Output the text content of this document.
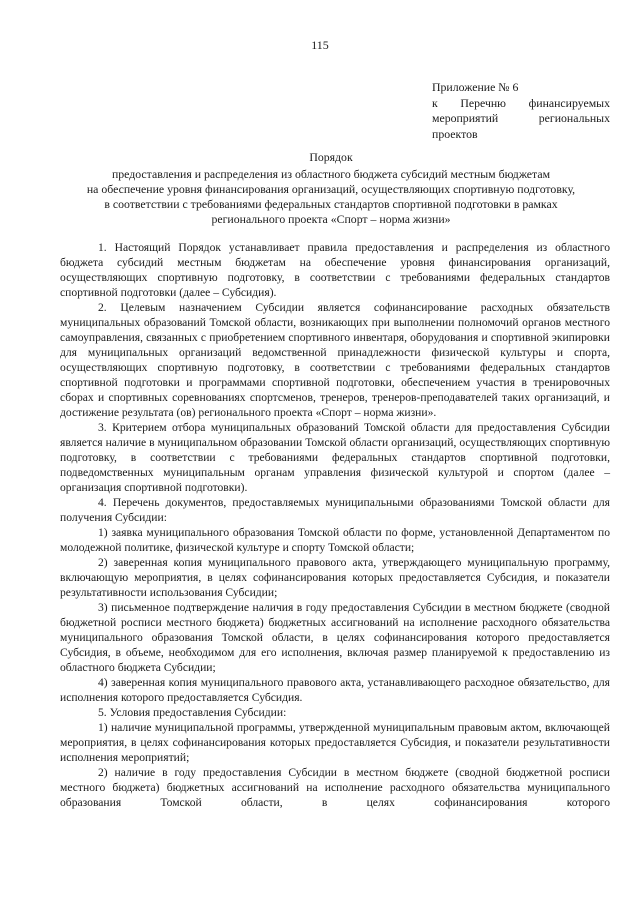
115
Приложение № 6
к Перечню финансируемых
мероприятий региональных
проектов
Порядок
предоставления и распределения из областного бюджета субсидий местным бюджетам
на обеспечение уровня финансирования организаций, осуществляющих спортивную подготовку,
в соответствии с требованиями федеральных стандартов спортивной подготовки в рамках
регионального проекта «Спорт – норма жизни»

1. Настоящий Порядок устанавливает правила предоставления и распределения из областного бюджета субсидий местным бюджетам на обеспечение уровня финансирования организаций, осуществляющих спортивную подготовку, в соответствии с требованиями федеральных стандартов спортивной подготовки (далее – Субсидия).

2. Целевым назначением Субсидии является софинансирование расходных обязательств муниципальных образований Томской области, возникающих при выполнении полномочий органов местного самоуправления, связанных с приобретением спортивного инвентаря, оборудования и спортивной экипировки для муниципальных организаций ведомственной принадлежности физической культуры и спорта, осуществляющих спортивную подготовку, в соответствии с требованиями федеральных стандартов спортивной подготовки и программами спортивной подготовки, обеспечением участия в тренировочных сборах и спортивных соревнованиях спортсменов, тренеров, тренеров-преподавателей таких организаций, и достижение результата (ов) регионального проекта «Спорт – норма жизни».

3. Критерием отбора муниципальных образований Томской области для предоставления Субсидии является наличие в муниципальном образовании Томской области организаций, осуществляющих спортивную подготовку, в соответствии с требованиями федеральных стандартов спортивной подготовки, подведомственных муниципальным органам управления физической культурой и спортом (далее – организация спортивной подготовки).

4. Перечень документов, предоставляемых муниципальными образованиями Томской области для получения Субсидии:

1) заявка муниципального образования Томской области по форме, установленной Департаментом по молодежной политике, физической культуре и спорту Томской области;

2) заверенная копия муниципального правового акта, утверждающего муниципальную программу, включающую мероприятия, в целях софинансирования которых предоставляется Субсидия, и показатели результативности использования Субсидии;

3) письменное подтверждение наличия в году предоставления Субсидии в местном бюджете (сводной бюджетной росписи местного бюджета) бюджетных ассигнований на исполнение расходного обязательства муниципального образования Томской области, в целях софинансирования которого предоставляется Субсидия, в объеме, необходимом для его исполнения, включая размер планируемой к предоставлению из областного бюджета Субсидии;

4) заверенная копия муниципального правового акта, устанавливающего расходное обязательство, для исполнения которого предоставляется Субсидия.

5. Условия предоставления Субсидии:

1) наличие муниципальной программы, утвержденной муниципальным правовым актом, включающей мероприятия, в целях софинансирования которых предоставляется Субсидия, и показатели результативности исполнения мероприятий;

2) наличие в году предоставления Субсидии в местном бюджете (сводной бюджетной росписи местного бюджета) бюджетных ассигнований на исполнение расходного обязательства муниципального образования Томской области, в целях софинансирования которого
